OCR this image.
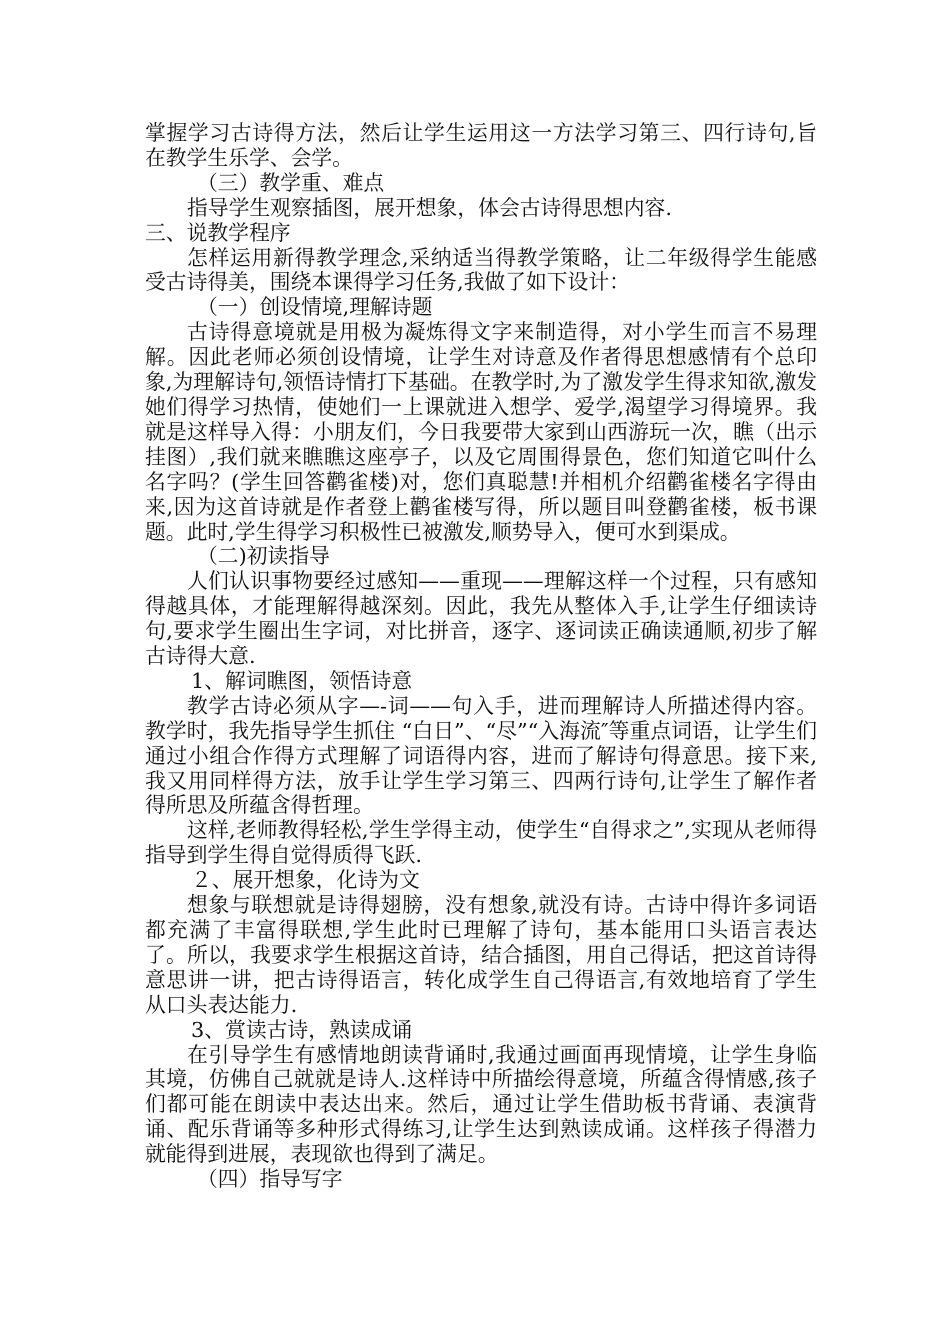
掌握学习古诗得方法，然后让学生运用这一方法学习第三、四行诗句,旨在教学生乐学、会学。

（三）教学重、难点

指导学生观察插图，展开想象，体会古诗得思想内容.

三、说教学程序

怎样运用新得教学理念,采纳适当得教学策略，让二年级得学生能感受古诗得美，围绕本课得学习任务,我做了如下设计：

（一）创设情境,理解诗题

古诗得意境就是用极为凝炼得文字来制造得，对小学生而言不易理解。因此老师必须创设情境，让学生对诗意及作者得思想感情有个总印象,为理解诗句,领悟诗情打下基础。在教学时,为了激发学生得求知欲,激发她们得学习热情，使她们一上课就进入想学、爱学,渴望学习得境界。我就是这样导入得：小朋友们，今日我要带大家到山西游玩一次，瞧（出示挂图）,我们就来瞧瞧这座亭子，以及它周围得景色，您们知道它叫什么名字吗？(学生回答鹳雀楼)对，您们真聪慧!并相机介绍鹳雀楼名字得由来,因为这首诗就是作者登上鹳雀楼写得，所以题目叫登鹳雀楼，板书课题。此时,学生得学习积极性已被激发,顺势导入，便可水到渠成。

（二)初读指导

人们认识事物要经过感知——重现——理解这样一个过程，只有感知得越具体，才能理解得越深刻。因此，我先从整体入手,让学生仔细读诗句,要求学生圈出生字词，对比拼音，逐字、逐词读正确读通顺,初步了解古诗得大意.

1、解词瞧图，领悟诗意

教学古诗必须从字—-词——句入手，进而理解诗人所描述得内容。教学时，我先指导学生抓住 “白日”、“尽”“入海流″等重点词语，让学生们通过小组合作得方式理解了词语得内容，进而了解诗句得意思。接下来,我又用同样得方法，放手让学生学习第三、四两行诗句,让学生了解作者得所思及所蕴含得哲理。

这样,老师教得轻松,学生学得主动，使学生“自得求之”,实现从老师得指导到学生得自觉得质得飞跃.

２、展开想象，化诗为文

想象与联想就是诗得翅膀，没有想象,就没有诗。古诗中得许多词语都充满了丰富得联想,学生此时已理解了诗句，基本能用口头语言表达了。所以，我要求学生根据这首诗，结合插图，用自己得话，把这首诗得意思讲一讲，把古诗得语言，转化成学生自己得语言,有效地培育了学生从口头表达能力.

3、赏读古诗，熟读成诵

在引导学生有感情地朗读背诵时,我通过画面再现情境，让学生身临其境，仿佛自己就就是诗人.这样诗中所描绘得意境，所蕴含得情感,孩子们都可能在朗读中表达出来。然后，通过让学生借助板书背诵、表演背诵、配乐背诵等多种形式得练习,让学生达到熟读成诵。这样孩子得潜力就能得到进展，表现欲也得到了满足。

（四）指导写字
